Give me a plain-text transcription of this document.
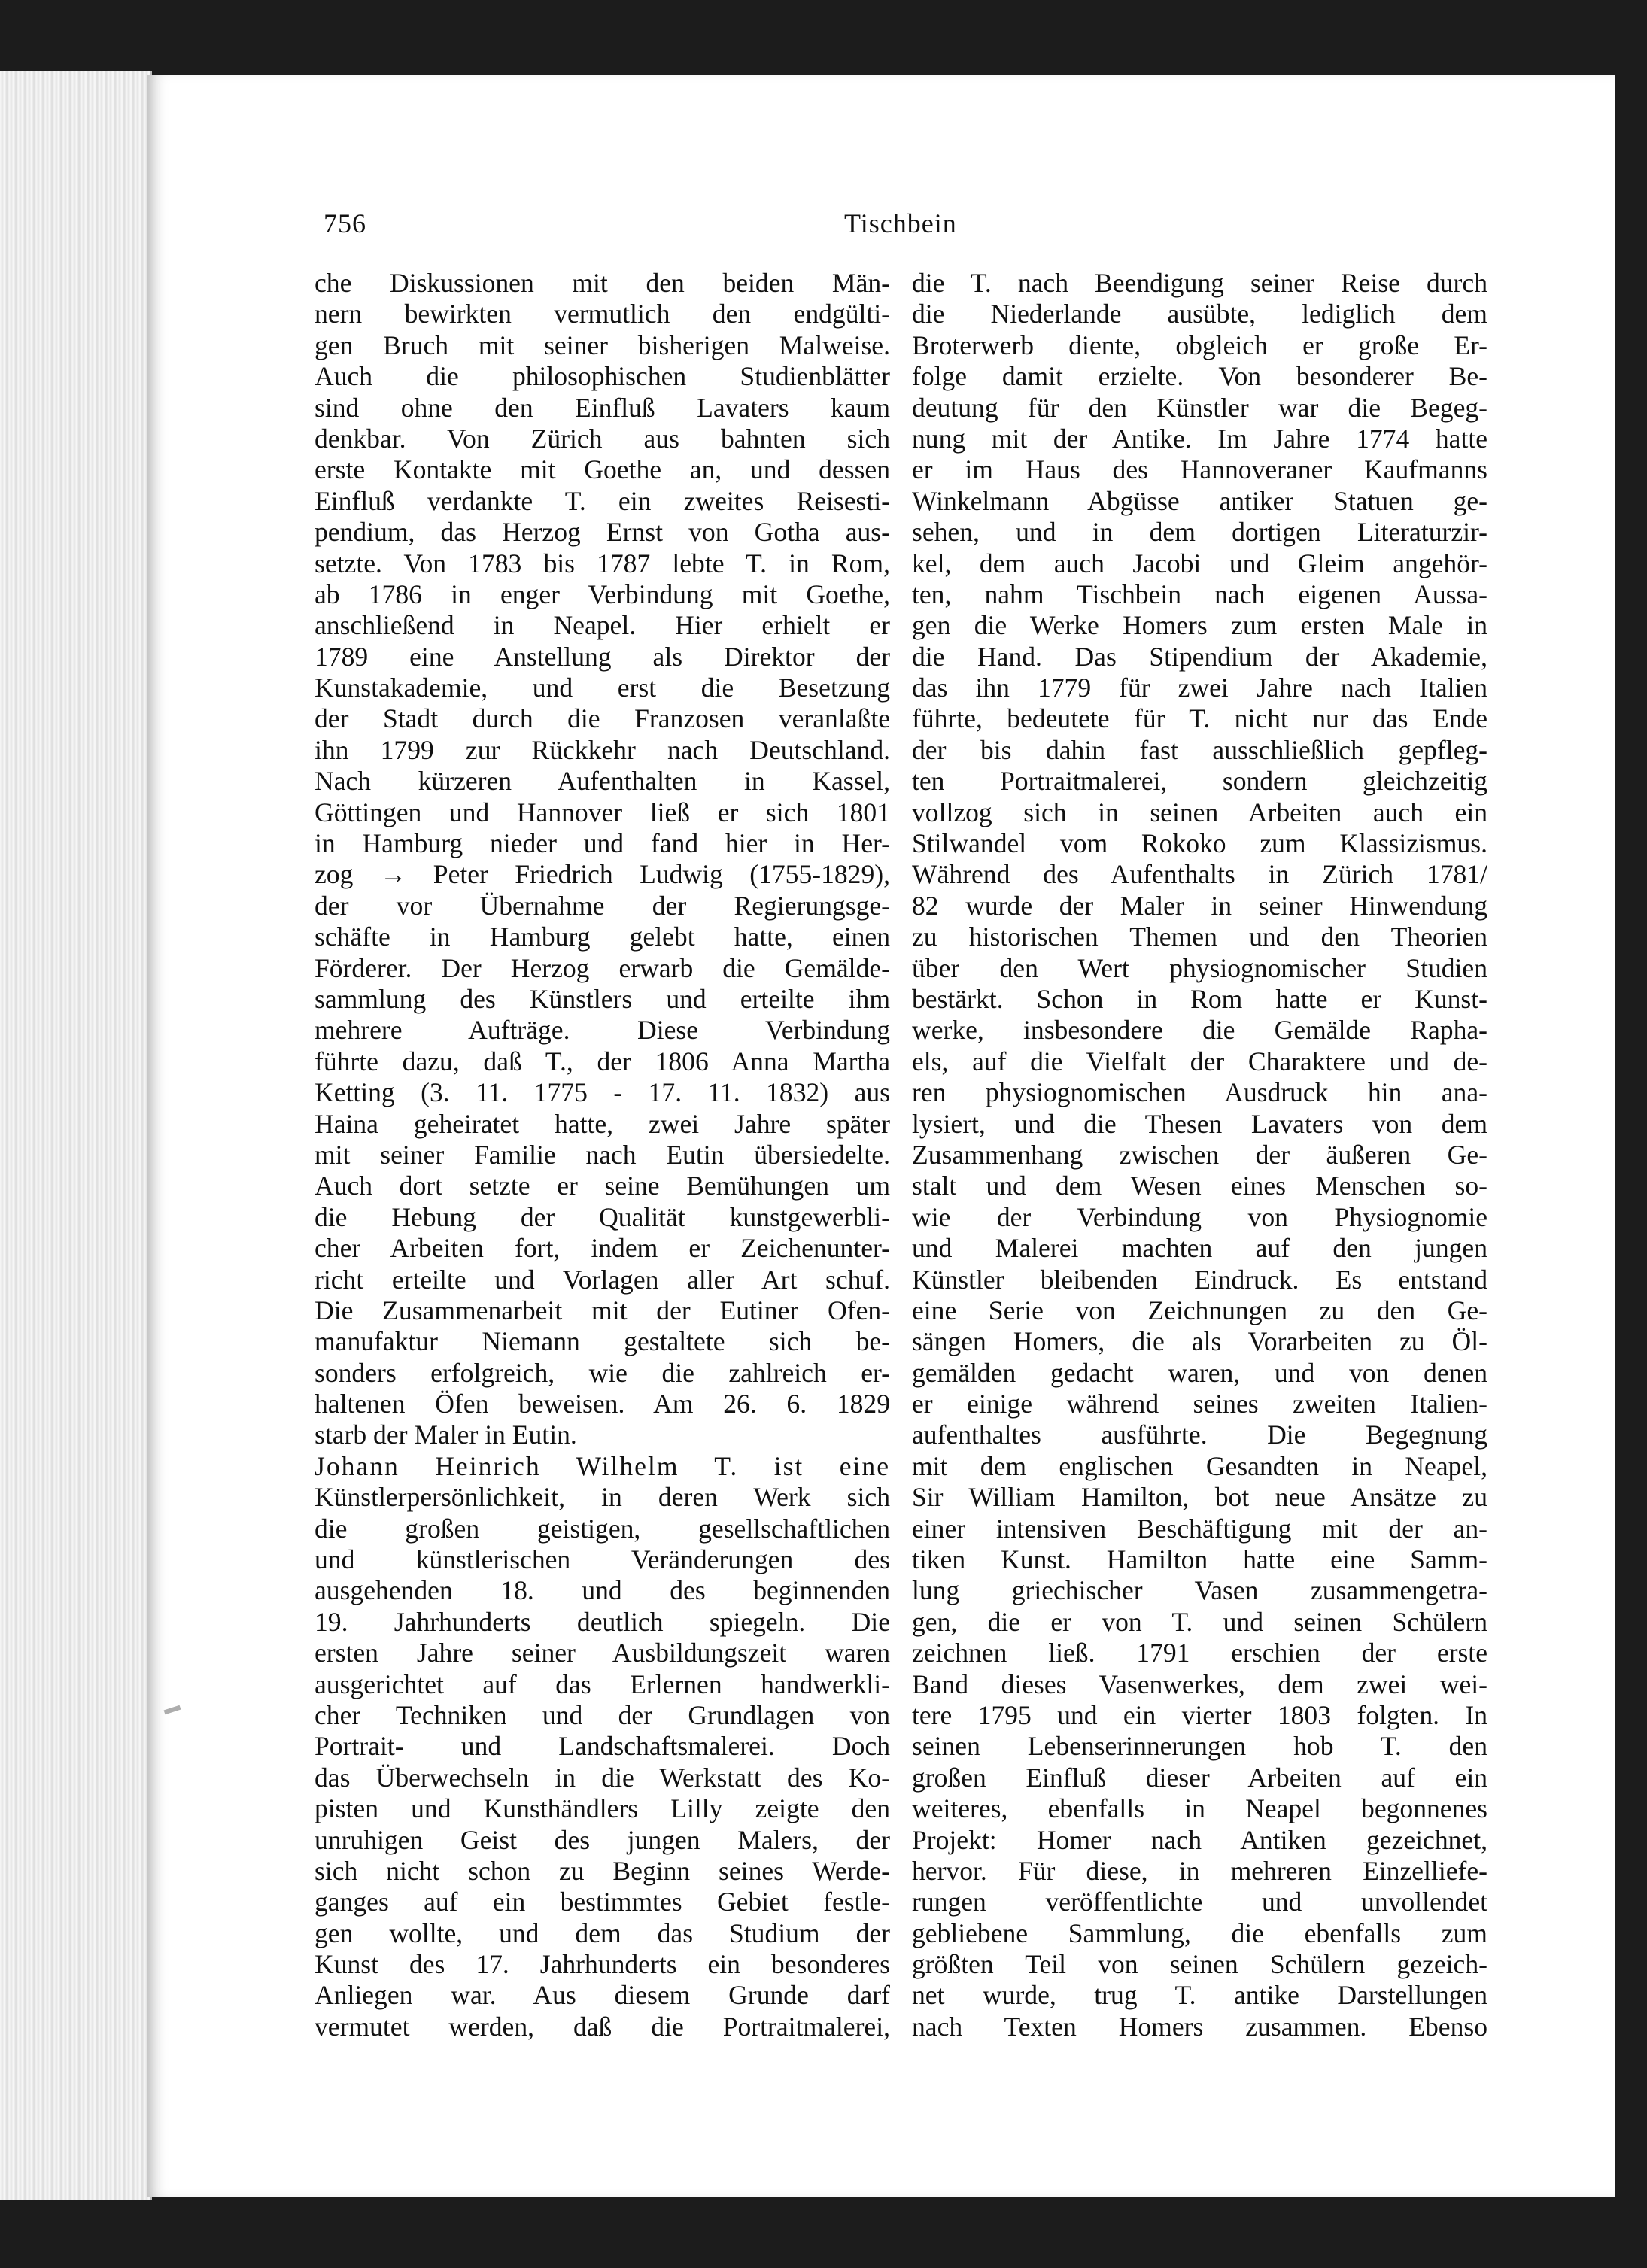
756	Tischbein
che Diskussionen mit den beiden Män-
nern bewirkten vermutlich den endgülti-
gen Bruch mit seiner bisherigen Malweise.
Auch die philosophischen Studienblätter
sind ohne den Einfluß Lavaters kaum
denkbar. Von Zürich aus bahnten sich
erste Kontakte mit Goethe an, und dessen
Einfluß verdankte T. ein zweites Reisesti-
pendium, das Herzog Ernst von Gotha aus-
setzte. Von 1783 bis 1787 lebte T. in Rom,
ab 1786 in enger Verbindung mit Goethe,
anschließend in Neapel. Hier erhielt er
1789 eine Anstellung als Direktor der
Kunstakademie, und erst die Besetzung
der Stadt durch die Franzosen veranlaßte
ihn 1799 zur Rückkehr nach Deutschland.
Nach kürzeren Aufenthalten in Kassel,
Göttingen und Hannover ließ er sich 1801
in Hamburg nieder und fand hier in Her-
zog → Peter Friedrich Ludwig (1755-1829),
der vor Übernahme der Regierungsge-
schäfte in Hamburg gelebt hatte, einen
Förderer. Der Herzog erwarb die Gemälde-
sammlung des Künstlers und erteilte ihm
mehrere Aufträge. Diese Verbindung
führte dazu, daß T., der 1806 Anna Martha
Ketting (3. 11. 1775 - 17. 11. 1832) aus
Haina geheiratet hatte, zwei Jahre später
mit seiner Familie nach Eutin übersiedelte.
Auch dort setzte er seine Bemühungen um
die Hebung der Qualität kunstgewerbli-
cher Arbeiten fort, indem er Zeichenunter-
richt erteilte und Vorlagen aller Art schuf.
Die Zusammenarbeit mit der Eutiner Ofen-
manufaktur Niemann gestaltete sich be-
sonders erfolgreich, wie die zahlreich er-
haltenen Öfen beweisen. Am 26. 6. 1829
starb der Maler in Eutin.
Johann Heinrich Wilhelm T. ist eine
Künstlerpersönlichkeit, in deren Werk sich
die großen geistigen, gesellschaftlichen
und künstlerischen Veränderungen des
ausgehenden 18. und des beginnenden
19. Jahrhunderts deutlich spiegeln. Die
ersten Jahre seiner Ausbildungszeit waren
ausgerichtet auf das Erlernen handwerkli-
cher Techniken und der Grundlagen von
Portrait- und Landschaftsmalerei. Doch
das Überwechseln in die Werkstatt des Ko-
pisten und Kunsthändlers Lilly zeigte den
unruhigen Geist des jungen Malers, der
sich nicht schon zu Beginn seines Werde-
ganges auf ein bestimmtes Gebiet festle-
gen wollte, und dem das Studium der
Kunst des 17. Jahrhunderts ein besonderes
Anliegen war. Aus diesem Grunde darf
vermutet werden, daß die Portraitmalerei,
die T. nach Beendigung seiner Reise durch
die Niederlande ausübte, lediglich dem
Broterwerb diente, obgleich er große Er-
folge damit erzielte. Von besonderer Be-
deutung für den Künstler war die Begeg-
nung mit der Antike. Im Jahre 1774 hatte
er im Haus des Hannoveraner Kaufmanns
Winkelmann Abgüsse antiker Statuen ge-
sehen, und in dem dortigen Literaturzir-
kel, dem auch Jacobi und Gleim angehör-
ten, nahm Tischbein nach eigenen Aussa-
gen die Werke Homers zum ersten Male in
die Hand. Das Stipendium der Akademie,
das ihn 1779 für zwei Jahre nach Italien
führte, bedeutete für T. nicht nur das Ende
der bis dahin fast ausschließlich gepfleg-
ten Portraitmalerei, sondern gleichzeitig
vollzog sich in seinen Arbeiten auch ein
Stilwandel vom Rokoko zum Klassizismus.
Während des Aufenthalts in Zürich 1781/
82 wurde der Maler in seiner Hinwendung
zu historischen Themen und den Theorien
über den Wert physiognomischer Studien
bestärkt. Schon in Rom hatte er Kunst-
werke, insbesondere die Gemälde Rapha-
els, auf die Vielfalt der Charaktere und de-
ren physiognomischen Ausdruck hin ana-
lysiert, und die Thesen Lavaters von dem
Zusammenhang zwischen der äußeren Ge-
stalt und dem Wesen eines Menschen so-
wie der Verbindung von Physiognomie
und Malerei machten auf den jungen
Künstler bleibenden Eindruck. Es entstand
eine Serie von Zeichnungen zu den Ge-
sängen Homers, die als Vorarbeiten zu Öl-
gemälden gedacht waren, und von denen
er einige während seines zweiten Italien-
aufenthaltes ausführte. Die Begegnung
mit dem englischen Gesandten in Neapel,
Sir William Hamilton, bot neue Ansätze zu
einer intensiven Beschäftigung mit der an-
tiken Kunst. Hamilton hatte eine Samm-
lung griechischer Vasen zusammengetra-
gen, die er von T. und seinen Schülern
zeichnen ließ. 1791 erschien der erste
Band dieses Vasenwerkes, dem zwei wei-
tere 1795 und ein vierter 1803 folgten. In
seinen Lebenserinnerungen hob T. den
großen Einfluß dieser Arbeiten auf ein
weiteres, ebenfalls in Neapel begonnenes
Projekt: Homer nach Antiken gezeichnet,
hervor. Für diese, in mehreren Einzelliefe-
rungen veröffentlichte und unvollendet
gebliebene Sammlung, die ebenfalls zum
größten Teil von seinen Schülern gezeich-
net wurde, trug T. antike Darstellungen
nach Texten Homers zusammen. Ebenso
